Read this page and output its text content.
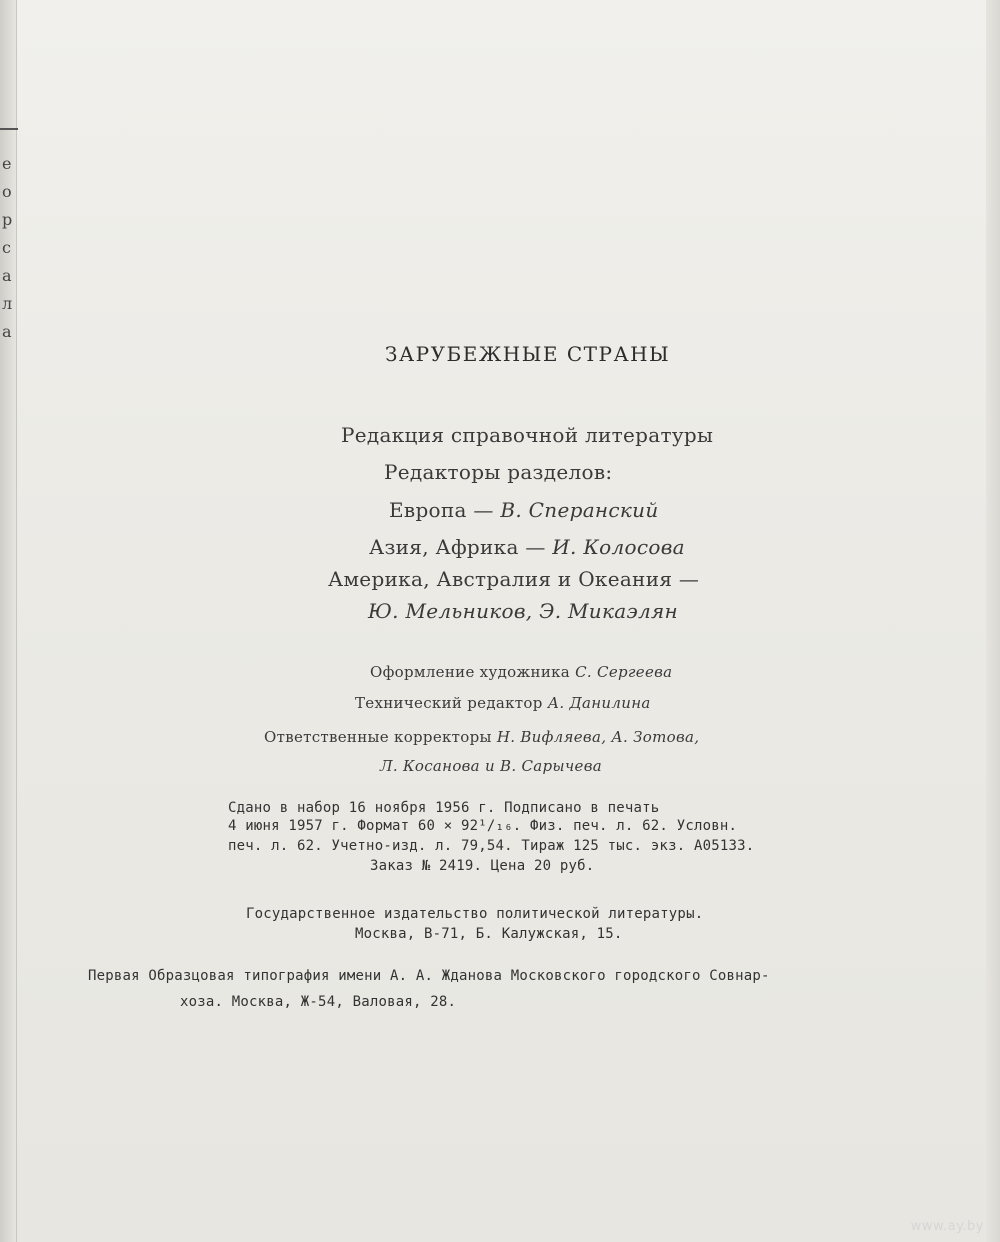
е
о
р
с
а
л
а
ЗАРУБЕЖНЫЕ СТРАНЫ
Редакция справочной литературы
Редакторы разделов:
Европа — В. Сперанский
Азия, Африка — И. Колосова
Америка, Австралия и Океания —
Ю. Мельников, Э. Микаэлян
Оформление художника С. Сергеева
Технический редактор А. Данилина
Ответственные корректоры Н. Вифляева, А. Зотова,
Л. Косанова и В. Сарычева
Сдано в набор 16 ноября 1956 г. Подписано в печать
4 июня 1957 г. Формат 60 × 92¹/₁₆. Физ. печ. л. 62. Условн.
печ. л. 62. Учетно-изд. л. 79,54. Тираж 125 тыс. экз. А05133.
Заказ № 2419. Цена 20 руб.
Государственное издательство политической литературы.
Москва, В-71, Б. Калужская, 15.
Первая Образцовая типография имени А. А. Жданова Московского городского Совнар-
хоза. Москва, Ж-54, Валовая, 28.
www.ay.by
